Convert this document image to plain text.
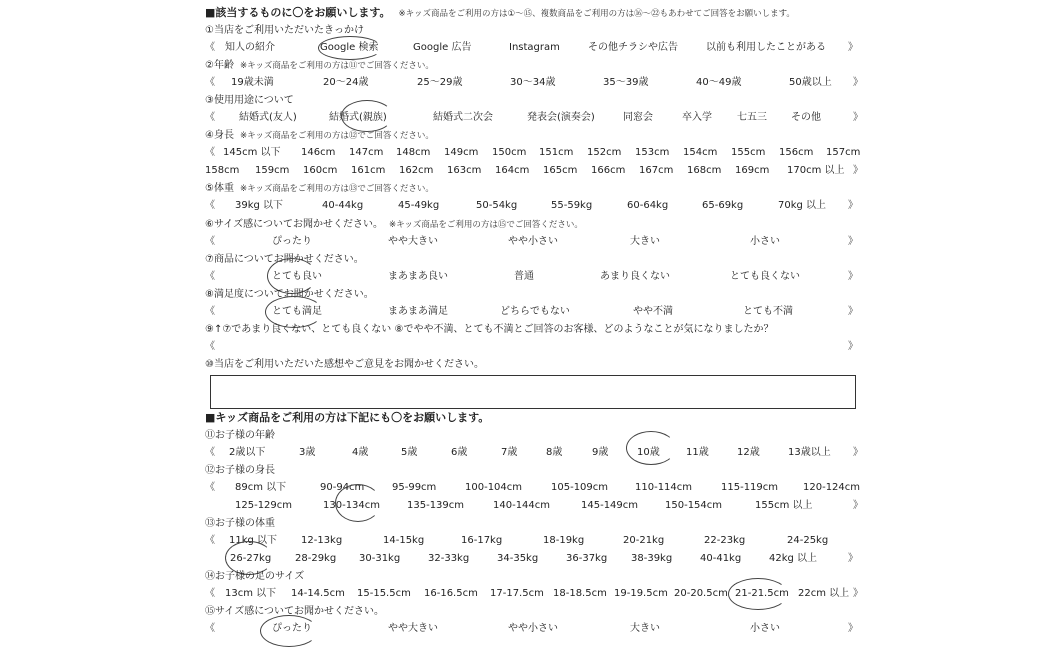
■該当するものに〇をお願いします。 ※キッズ商品をご利用の方は①〜⑮、複数商品をご利用の方は⑯〜㉒もあわせてご回答をお願いします。
①当店をご利用いただいたきっかけ
《 知人の紹介	Google 検索	Google 広告	Instagram	その他チラシや広告	以前も利用したことがある 》
②年齢 ※キッズ商品をご利用の方は⑪でご回答ください。
《 19歳未満	20〜24歳	25〜29歳	30〜34歳	35〜39歳	40〜49歳	50歳以上 》
③使用用途について
《 結婚式(友人)	結婚式(親族)	結婚式二次会	発表会(演奏会)	同窓会	卒入学	七五三 その他	》
④身長 ※キッズ商品をご利用の方は⑫でご回答ください。
《 145cm 以下 146cm 147cm 148cm 149cm 150cm 151cm 152cm 153cm 154cm 155cm 156cm 157cm
158cm 159cm 160cm 161cm 162cm 163cm 164cm 165cm 166cm 167cm 168cm 169cm 170cm 以上 》
⑤体重 ※キッズ商品をご利用の方は⑬でご回答ください。
《 39kg 以下	40-44kg	45-49kg	50-54kg	55-59kg	60-64kg	65-69kg	70kg 以上 》
⑥サイズ感についてお聞かせください。 ※キッズ商品をご利用の方は⑮でご回答ください。
《	ぴったり	やや大きい	やや小さい	大きい	小さい	》
⑦商品についてお聞かせください。
《	とても良い	まあまあ良い	普通	あまり良くない	とても良くない	》
⑧満足度についてお聞かせください。
《	とても満足	まあまあ満足	どちらでもない	やや不満	とても不満	》
⑨↑⑦であまり良くない、とても良くない ⑧でやや不満、とても不満とご回答のお客様、どのようなことが気になりましたか？
《	》
⑩当店をご利用いただいた感想やご意見をお聞かせください。
■キッズ商品をご利用の方は下記にも〇をお願いします。
⑪お子様の年齢
《 2歳以下	3歳	4歳	5歳	6歳	7歳	8歳	9歳	10歳	11歳	12歳	13歳以上 》
⑫お子様の身長
《 89cm 以下	90-94cm	95-99cm	100-104cm	105-109cm	110-114cm	115-119cm 120-124cm
125-129cm	130-134cm	135-139cm	140-144cm	145-149cm	150-154cm	155cm 以上	》
⑬お子様の体重
《 11kg 以下 12-13kg	14-15kg	16-17kg	18-19kg	20-21kg	22-23kg	24-25kg
26-27kg 28-29kg 30-31kg	32-33kg	34-35kg	36-37kg 38-39kg	40-41kg	42kg 以上	》
⑭お子様の足のサイズ
《 13cm 以下 14-14.5cm 15-15.5cm 16-16.5cm 17-17.5cm 18-18.5cm 19-19.5cm 20-20.5cm 21-21.5cm 22cm 以上 》
⑮サイズ感についてお聞かせください。
《	ぴったり	やや大きい	やや小さい	大きい	小さい	》
